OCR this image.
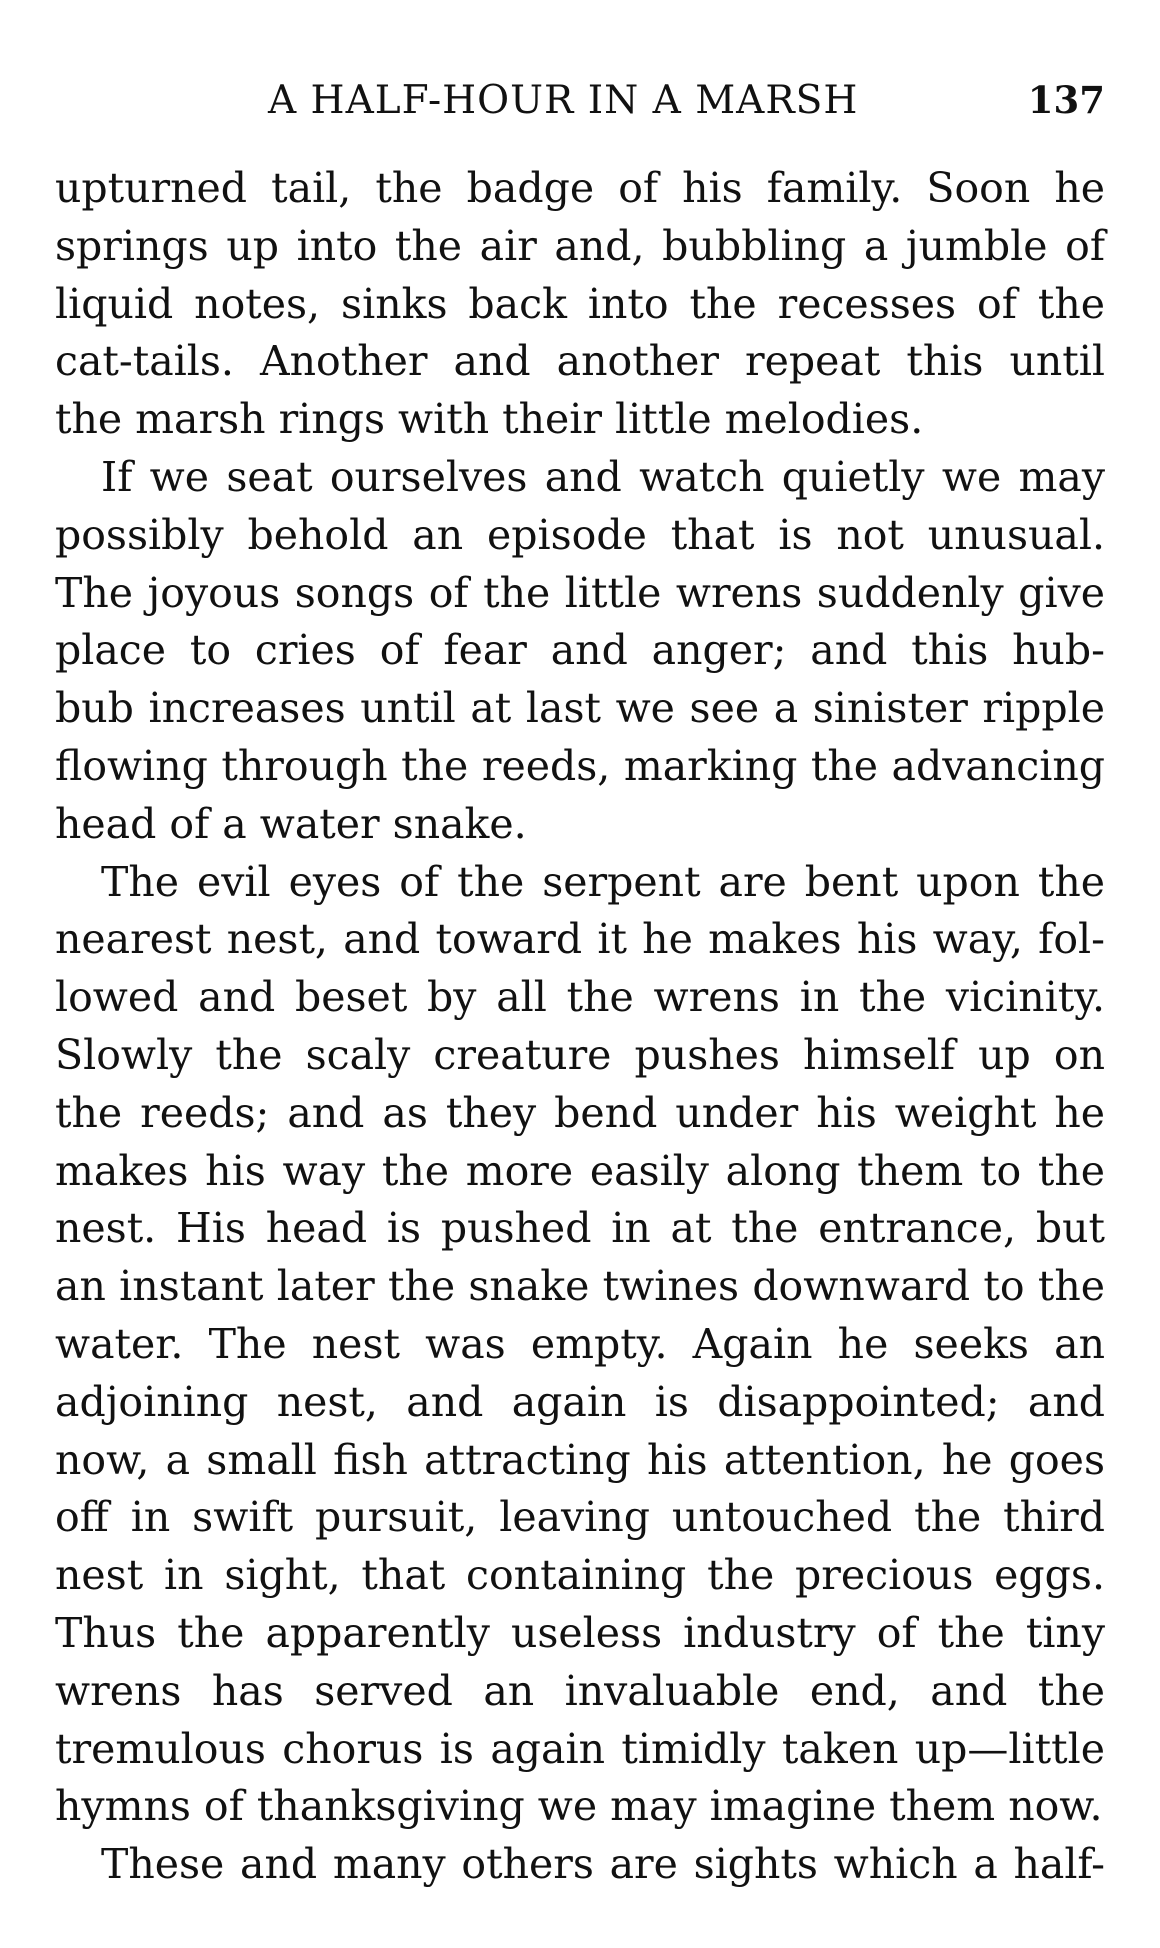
A HALF-HOUR IN A MARSH	137
upturned tail, the badge of his family. Soon he
springs up into the air and, bubbling a jumble of
liquid notes, sinks back into the recesses of the
cat-tails. Another and another repeat this until
the marsh rings with their little melodies.
If we seat ourselves and watch quietly we may
possibly behold an episode that is not unusual.
The joyous songs of the little wrens suddenly give
place to cries of fear and anger; and this hub-
bub increases until at last we see a sinister ripple
flowing through the reeds, marking the advancing
head of a water snake.
The evil eyes of the serpent are bent upon the
nearest nest, and toward it he makes his way, fol-
lowed and beset by all the wrens in the vicinity.
Slowly the scaly creature pushes himself up on
the reeds; and as they bend under his weight he
makes his way the more easily along them to the
nest. His head is pushed in at the entrance, but
an instant later the snake twines downward to the
water. The nest was empty. Again he seeks an
adjoining nest, and again is disappointed; and
now, a small fish attracting his attention, he goes
off in swift pursuit, leaving untouched the third
nest in sight, that containing the precious eggs.
Thus the apparently useless industry of the tiny
wrens has served an invaluable end, and the
tremulous chorus is again timidly taken up—little
hymns of thanksgiving we may imagine them now.
These and many others are sights which a half-
